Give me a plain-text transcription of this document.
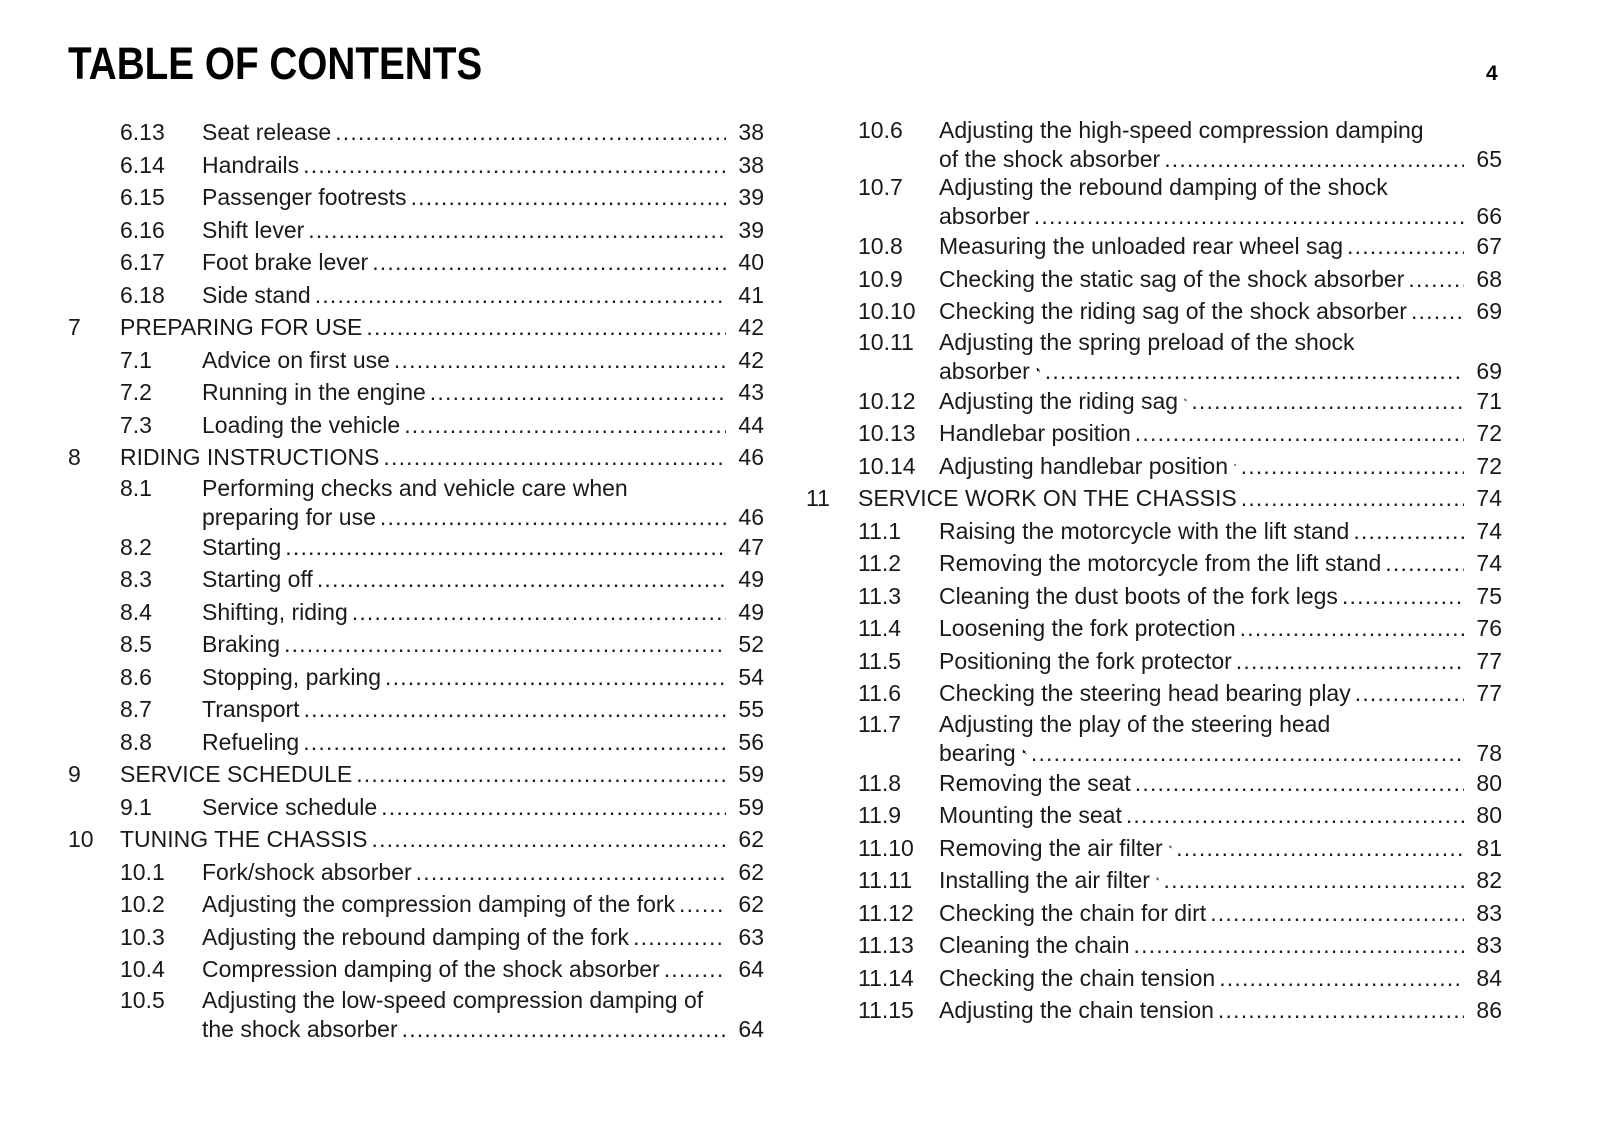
TABLE OF CONTENTS	4
6.13	Seat release .....	38
6.14	Handrails .....	38
6.15	Passenger footrests .....	39
6.16	Shift lever .....	39
6.17	Foot brake lever .....	40
6.18	Side stand .....	41
7	PREPARING FOR USE .....	42
7.1	Advice on first use .....	42
7.2	Running in the engine .....	43
7.3	Loading the vehicle .....	44
8	RIDING INSTRUCTIONS .....	46
8.1	Performing checks and vehicle care when
preparing for use .....	46
8.2	Starting .....	47
8.3	Starting off .....	49
8.4	Shifting, riding .....	49
8.5	Braking .....	52
8.6	Stopping, parking .....	54
8.7	Transport .....	55
8.8	Refueling .....	56
9	SERVICE SCHEDULE .....	59
9.1	Service schedule .....	59
10	TUNING THE CHASSIS .....	62
10.1	Fork/shock absorber .....	62
10.2	Adjusting the compression damping of the fork .....	62
10.3	Adjusting the rebound damping of the fork .....	63
10.4	Compression damping of the shock absorber .....	64
10.5	Adjusting the low-speed compression damping of
the shock absorber .....	64
10.6	Adjusting the high-speed compression damping
of the shock absorber .....	65
10.7	Adjusting the rebound damping of the shock
absorber .....	66
10.8	Measuring the unloaded rear wheel sag .....	67
10.9	Checking the static sag of the shock absorber .....	68
10.10	Checking the riding sag of the shock absorber .....	69
10.11	Adjusting the spring preload of the shock
absorber .....	69
10.12	Adjusting the riding sag .....	71
10.13	Handlebar position .....	72
10.14	Adjusting handlebar position .....	72
11	SERVICE WORK ON THE CHASSIS .....	74
11.1	Raising the motorcycle with the lift stand .....	74
11.2	Removing the motorcycle from the lift stand .....	74
11.3	Cleaning the dust boots of the fork legs .....	75
11.4	Loosening the fork protection .....	76
11.5	Positioning the fork protector .....	77
11.6	Checking the steering head bearing play .....	77
11.7	Adjusting the play of the steering head
bearing .....	78
11.8	Removing the seat .....	80
11.9	Mounting the seat .....	80
11.10	Removing the air filter .....	81
11.11	Installing the air filter .....	82
11.12	Checking the chain for dirt .....	83
11.13	Cleaning the chain .....	83
11.14	Checking the chain tension .....	84
11.15	Adjusting the chain tension .....	86
